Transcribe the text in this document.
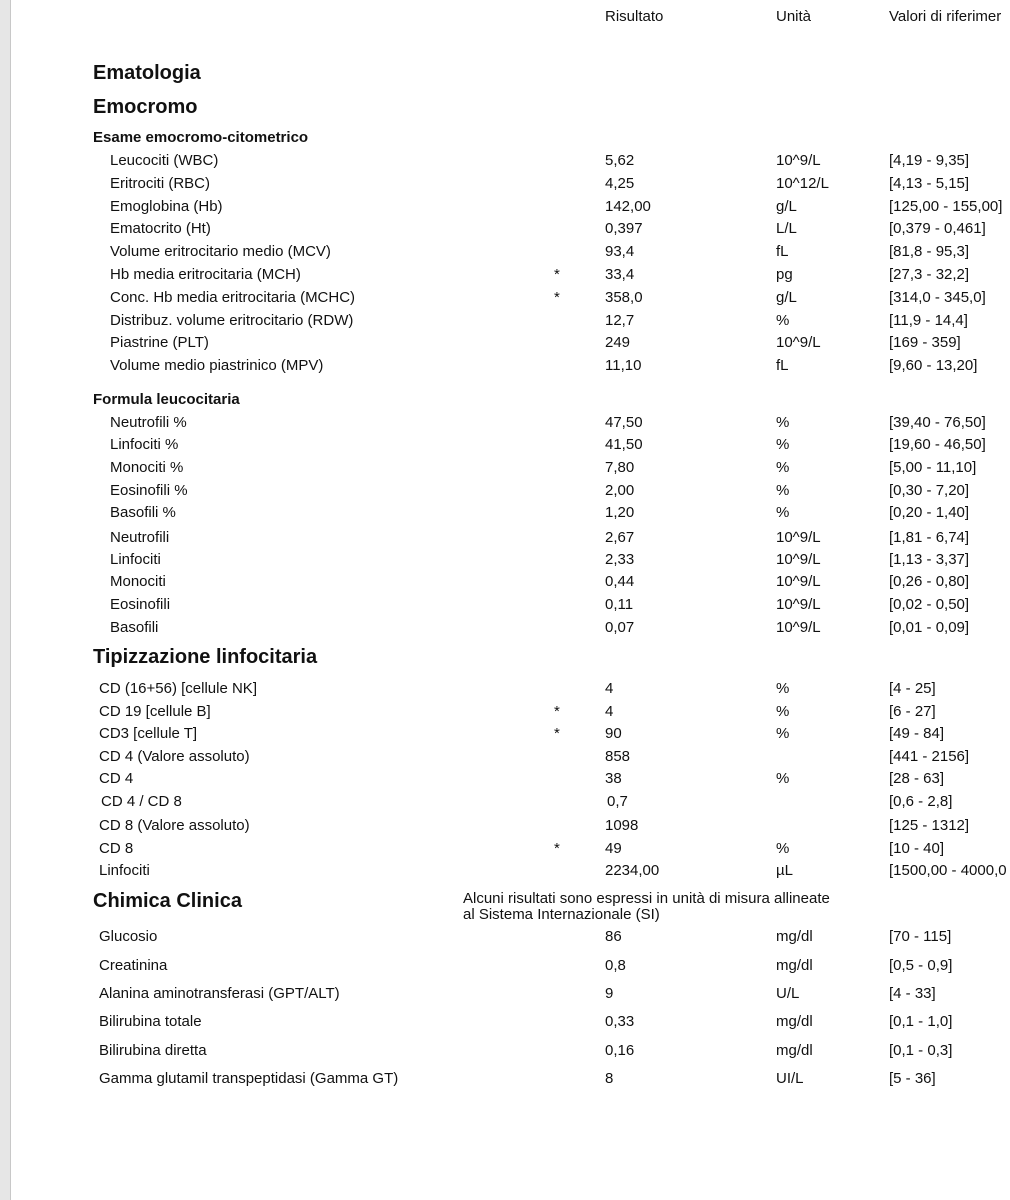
Risultato	Unità	Valori di riferimer
Ematologia
Emocromo
Esame emocromo-citometrico
Formula leucocitaria
Tipizzazione linfocitaria
Chimica Clinica	Alcuni risultati sono espressi in unità di misura allineate
al Sistema Internazionale (SI)
Leucociti (WBC)	5,62	10^9/L	[4,19 - 9,35]
Eritrociti (RBC)	4,25	10^12/L	[4,13 - 5,15]
Emoglobina (Hb)	142,00	g/L	[125,00 - 155,00]
Ematocrito (Ht)	0,397	L/L	[0,379 - 0,461]
Volume eritrocitario medio (MCV)	93,4	fL	[81,8 - 95,3]
Hb media eritrocitaria (MCH)	*	33,4	pg	[27,3 - 32,2]
Conc. Hb media eritrocitaria (MCHC)	*	358,0	g/L	[314,0 - 345,0]
Distribuz. volume eritrocitario (RDW)	12,7	%	[11,9 - 14,4]
Piastrine (PLT)	249	10^9/L	[169 - 359]
Volume medio piastrinico (MPV)	11,10	fL	[9,60 - 13,20]
Neutrofili %	47,50	%	[39,40 - 76,50]
Linfociti %	41,50	%	[19,60 - 46,50]
Monociti %	7,80	%	[5,00 - 11,10]
Eosinofili %	2,00	%	[0,30 - 7,20]
Basofili %	1,20	%	[0,20 - 1,40]
Neutrofili	2,67	10^9/L	[1,81 - 6,74]
Linfociti	2,33	10^9/L	[1,13 - 3,37]
Monociti	0,44	10^9/L	[0,26 - 0,80]
Eosinofili	0,11	10^9/L	[0,02 - 0,50]
Basofili	0,07	10^9/L	[0,01 - 0,09]
CD (16+56) [cellule NK]	4	%	[4 - 25]
CD 19 [cellule B]	*	4	%	[6 - 27]
CD3 [cellule T]	*	90	%	[49 - 84]
CD 4 (Valore assoluto)	858	[441 - 2156]
CD 4	38	%	[28 - 63]
CD 4 / CD 8	0,7	[0,6 - 2,8]
CD 8 (Valore assoluto)	1098	[125 - 1312]
CD 8	*	49	%	[10 - 40]
Linfociti	2234,00	µL	[1500,00 - 4000,0
Glucosio	86	mg/dl	[70 - 115]
Creatinina	0,8	mg/dl	[0,5 - 0,9]
Alanina aminotransferasi (GPT/ALT)	9	U/L	[4 - 33]
Bilirubina totale	0,33	mg/dl	[0,1 - 1,0]
Bilirubina diretta	0,16	mg/dl	[0,1 - 0,3]
Gamma glutamil transpeptidasi (Gamma GT)	8	UI/L	[5 - 36]
